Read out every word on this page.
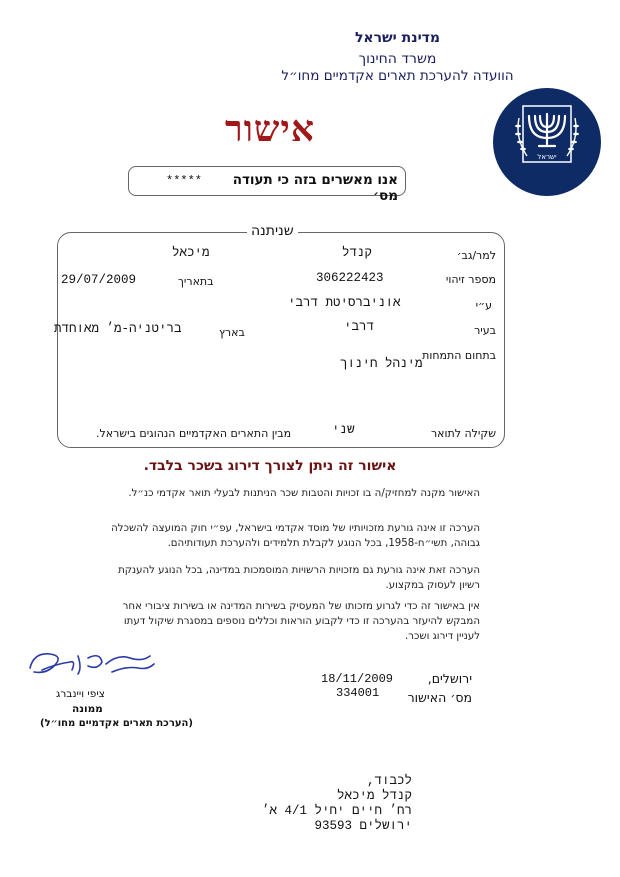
מדינת ישראל
משרד החינוך
הוועדה להערכת תארים אקדמיים מחו״ל
ישראל
אישור
אנו מאשרים בזה כי תעודה מס׳
*****
שניתנה
למר/גב׳
קנדל
מיכאל
מספר זיהוי
306222423
בתאריך
29/07/2009
ע״י
אוניברסיטת דרבי
בעיר
דרבי
בארץ
בריטניה-מ׳ מאוחדת
בתחום התמחות
מינהל חינוך
שקילה לתואר
שני
מבין התארים האקדמיים הנהוגים בישראל.
אישור זה ניתן לצורך דירוג בשכר בלבד.
האישור מקנה למחזיק/ה בו זכויות והטבות שכר הניתנות לבעלי תואר אקדמי כנ״ל.
הערכה זו אינה גורעת מזכויותיו של מוסד אקדמי בישראל, עפ״י חוק המועצה להשכלה גבוהה, תשי״ח-1958, בכל הנוגע לקבלת תלמידים ולהערכת תעודותיהם.
הערכה זאת אינה גורעת גם מזכויות הרשויות המוסמכות במדינה, בכל הנוגע להענקת רשיון לעסוק במקצוע.
אין באישור זה כדי לגרוע מזכותו של המעסיק בשירות המדינה או בשירות ציבורי אחר המבקש להיעזר בהערכה זו כדי לקבוע הוראות וכללים נוספים במסגרת שיקול דעתו לעניין דירוג ושכר.
ירושלים,
מס׳ האישור
18/11/2009
334001
ציפי ויינברג
ממונה
(הערכת תארים אקדמיים מחו״ל)
לכבוד,
קנדל מיכאל
רח׳ חיים יחיל 4/1 א׳
ירושלים 93593
